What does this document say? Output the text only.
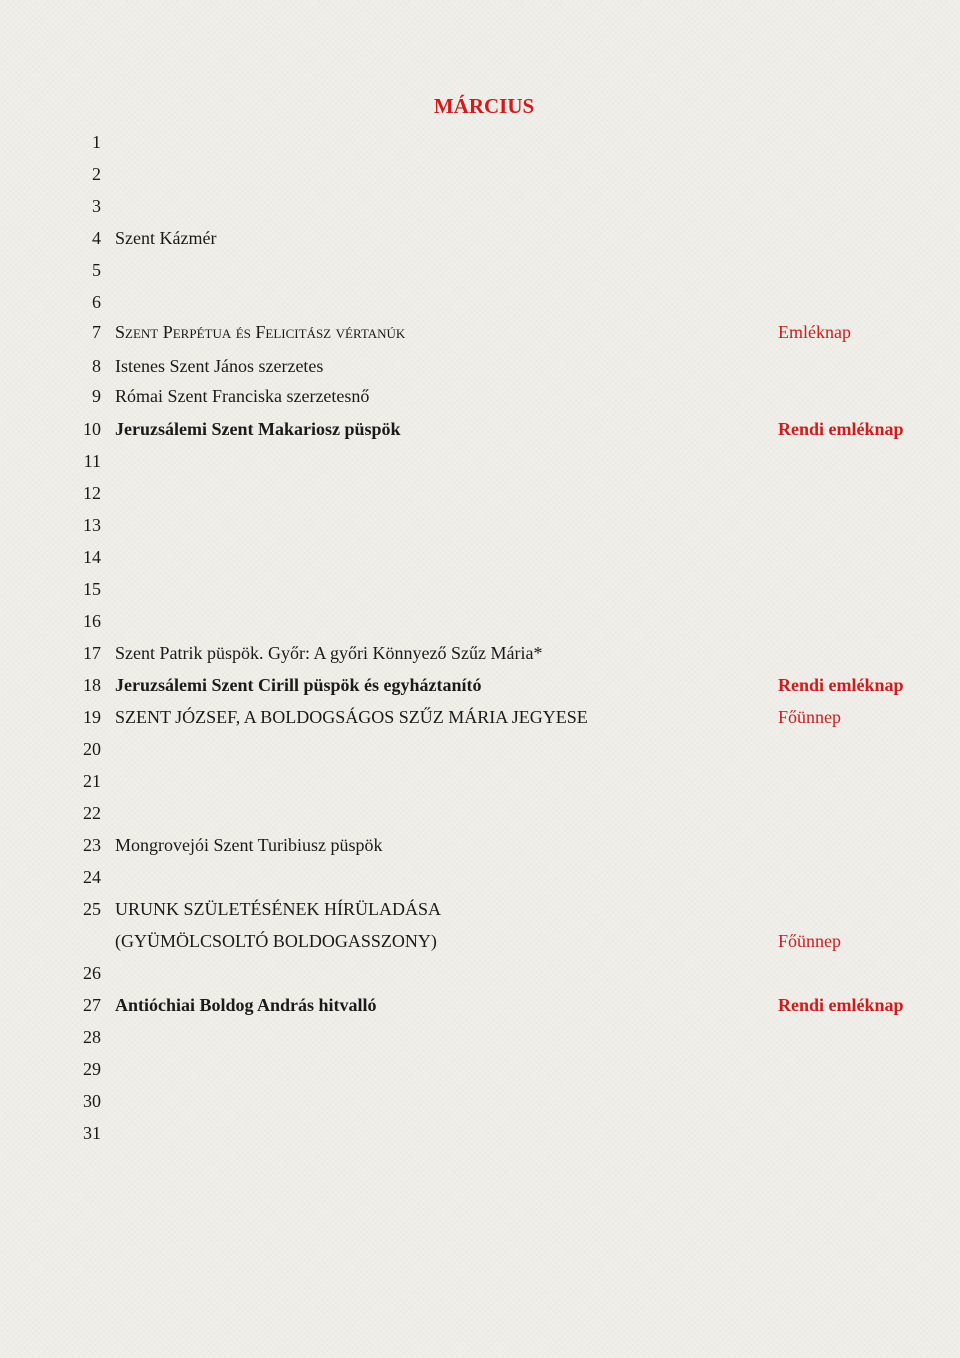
MÁRCIUS
1
2
3
4 Szent Kázmér
5
6
7 Szent Perpétua és Felicitász vértanúk	Emléknap
8 Istenes Szent János szerzetes
9 Római Szent Franciska szerzetesnő
10 Jeruzsálemi Szent Makariosz püspök	Rendi emléknap
11
12
13
14
15
16
17 Szent Patrik püspök. Győr: A győri Könnyező Szűz Mária*
18 Jeruzsálemi Szent Cirill püspök és egyháztanító	Rendi emléknap
19 SZENT JÓZSEF, A BOLDOGSÁGOS SZŰZ MÁRIA JEGYESE	Főünnep
20
21
22
23 Mongrovejói Szent Turibiusz püspök
24
25 URUNK SZÜLETÉSÉNEK HÍRÜLADÁSA
(GYÜMÖLCSOLTÓ BOLDOGASSZONY)	Főünnep
26
27 Antióchiai Boldog András hitvalló	Rendi emléknap
28
29
30
31
